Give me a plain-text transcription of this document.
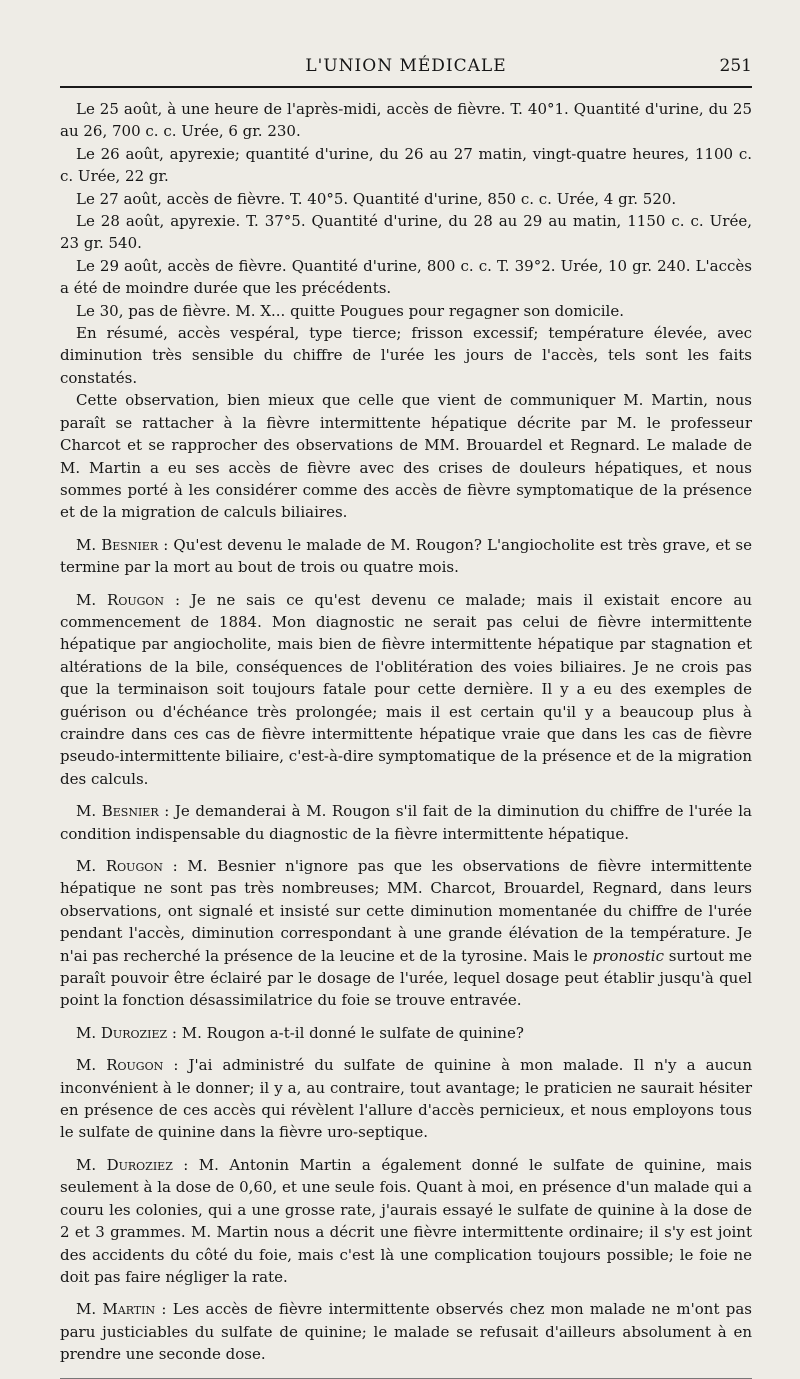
L'UNION MÉDICALE	251

Le 25 août, à une heure de l'après-midi, accès de fièvre. T. 40°1. Quantité d'urine, du 25 au 26, 700 c. c. Urée, 6 gr. 230.

Le 26 août, apyrexie; quantité d'urine, du 26 au 27 matin, vingt-quatre heures, 1100 c. c. Urée, 22 gr.

Le 27 août, accès de fièvre. T. 40°5. Quantité d'urine, 850 c. c. Urée, 4 gr. 520.

Le 28 août, apyrexie. T. 37°5. Quantité d'urine, du 28 au 29 au matin, 1150 c. c. Urée, 23 gr. 540.

Le 29 août, accès de fièvre. Quantité d'urine, 800 c. c. T. 39°2. Urée, 10 gr. 240. L'accès a été de moindre durée que les précédents.

Le 30, pas de fièvre. M. X... quitte Pougues pour regagner son domicile.

En résumé, accès vespéral, type tierce; frisson excessif; température élevée, avec diminution très sensible du chiffre de l'urée les jours de l'accès, tels sont les faits constatés.

Cette observation, bien mieux que celle que vient de communiquer M. Martin, nous paraît se rattacher à la fièvre intermittente hépatique décrite par M. le professeur Charcot et se rapprocher des observations de MM. Brouardel et Regnard. Le malade de M. Martin a eu ses accès de fièvre avec des crises de douleurs hépatiques, et nous sommes porté à les considérer comme des accès de fièvre symptomatique de la présence et de la migration de calculs biliaires.

M. Besnier : Qu'est devenu le malade de M. Rougon? L'angiocholite est très grave, et se termine par la mort au bout de trois ou quatre mois.

M. Rougon : Je ne sais ce qu'est devenu ce malade; mais il existait encore au commencement de 1884. Mon diagnostic ne serait pas celui de fièvre intermittente hépatique par angiocholite, mais bien de fièvre intermittente hépatique par stagnation et altérations de la bile, conséquences de l'oblitération des voies biliaires. Je ne crois pas que la terminaison soit toujours fatale pour cette dernière. Il y a eu des exemples de guérison ou d'échéance très prolongée; mais il est certain qu'il y a beaucoup plus à craindre dans ces cas de fièvre intermittente hépatique vraie que dans les cas de fièvre pseudo-intermittente biliaire, c'est-à-dire symptomatique de la présence et de la migration des calculs.

M. Besnier : Je demanderai à M. Rougon s'il fait de la diminution du chiffre de l'urée la condition indispensable du diagnostic de la fièvre intermittente hépatique.

M. Rougon : M. Besnier n'ignore pas que les observations de fièvre intermittente hépatique ne sont pas très nombreuses; MM. Charcot, Brouardel, Regnard, dans leurs observations, ont signalé et insisté sur cette diminution momentanée du chiffre de l'urée pendant l'accès, diminution correspondant à une grande élévation de la température. Je n'ai pas recherché la présence de la leucine et de la tyrosine. Mais le pronostic surtout me paraît pouvoir être éclairé par le dosage de l'urée, lequel dosage peut établir jusqu'à quel point la fonction désassimilatrice du foie se trouve entravée.

M. Duroziez : M. Rougon a-t-il donné le sulfate de quinine?

M. Rougon : J'ai administré du sulfate de quinine à mon malade. Il n'y a aucun inconvénient à le donner; il y a, au contraire, tout avantage; le praticien ne saurait hésiter en présence de ces accès qui révèlent l'allure d'accès pernicieux, et nous employons tous le sulfate de quinine dans la fièvre uro-septique.

M. Duroziez : M. Antonin Martin a également donné le sulfate de quinine, mais seulement à la dose de 0,60, et une seule fois. Quant à moi, en présence d'un malade qui a couru les colonies, qui a une grosse rate, j'aurais essayé le sulfate de quinine à la dose de 2 et 3 grammes. M. Martin nous a décrit une fièvre intermittente ordinaire; il s'y est joint des accidents du côté du foie, mais c'est là une complication toujours possible; le foie ne doit pas faire négliger la rate.

M. Martin : Les accès de fièvre intermittente observés chez mon malade ne m'ont pas paru justiciables du sulfate de quinine; le malade se refusait d'ailleurs absolument à en prendre une seconde dose.
